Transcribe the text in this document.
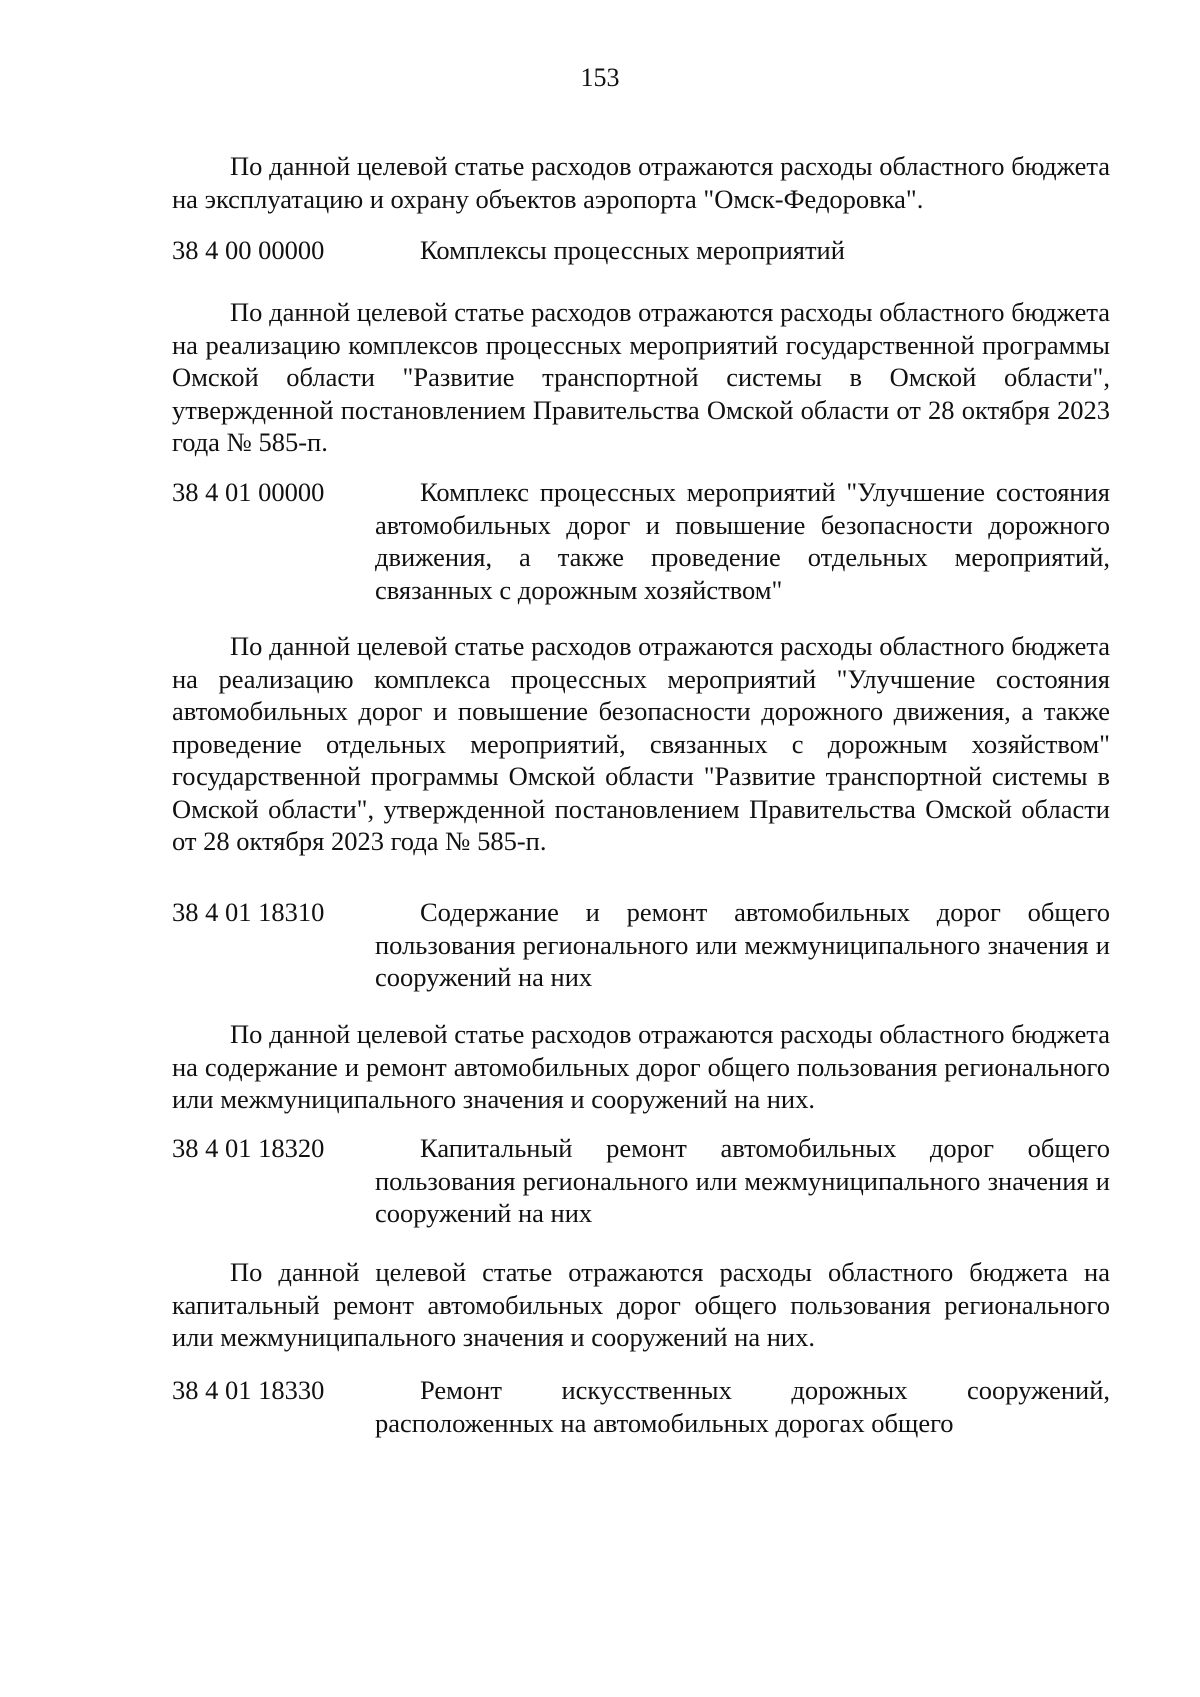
153

По данной целевой статье расходов отражаются расходы областного бюджета на эксплуатацию и охрану объектов аэропорта "Омск-Федоровка".

38 4 00 00000	Комплексы процессных мероприятий

По данной целевой статье расходов отражаются расходы областного бюджета на реализацию комплексов процессных мероприятий государственной программы Омской области "Развитие транспортной системы в Омской области", утвержденной постановлением Правительства Омской области от 28 октября 2023 года № 585-п.

38 4 01 00000	Комплекс процессных мероприятий "Улучшение состояния автомобильных дорог и повышение безопасности дорожного движения, а также проведение отдельных мероприятий, связанных с дорожным хозяйством"

По данной целевой статье расходов отражаются расходы областного бюджета на реализацию комплекса процессных мероприятий "Улучшение состояния автомобильных дорог и повышение безопасности дорожного движения, а также проведение отдельных мероприятий, связанных с дорожным хозяйством" государственной программы Омской области "Развитие транспортной системы в Омской области", утвержденной постановлением Правительства Омской области от 28 октября 2023 года № 585-п.

38 4 01 18310	Содержание и ремонт автомобильных дорог общего пользования регионального или межмуниципального значения и сооружений на них

По данной целевой статье расходов отражаются расходы областного бюджета на содержание и ремонт автомобильных дорог общего пользования регионального или межмуниципального значения и сооружений на них.

38 4 01 18320	Капитальный ремонт автомобильных дорог общего пользования регионального или межмуниципального значения и сооружений на них

По данной целевой статье отражаются расходы областного бюджета на капитальный ремонт автомобильных дорог общего пользования регионального или межмуниципального значения и сооружений на них.

38 4 01 18330	Ремонт искусственных дорожных сооружений, расположенных на автомобильных дорогах общего
